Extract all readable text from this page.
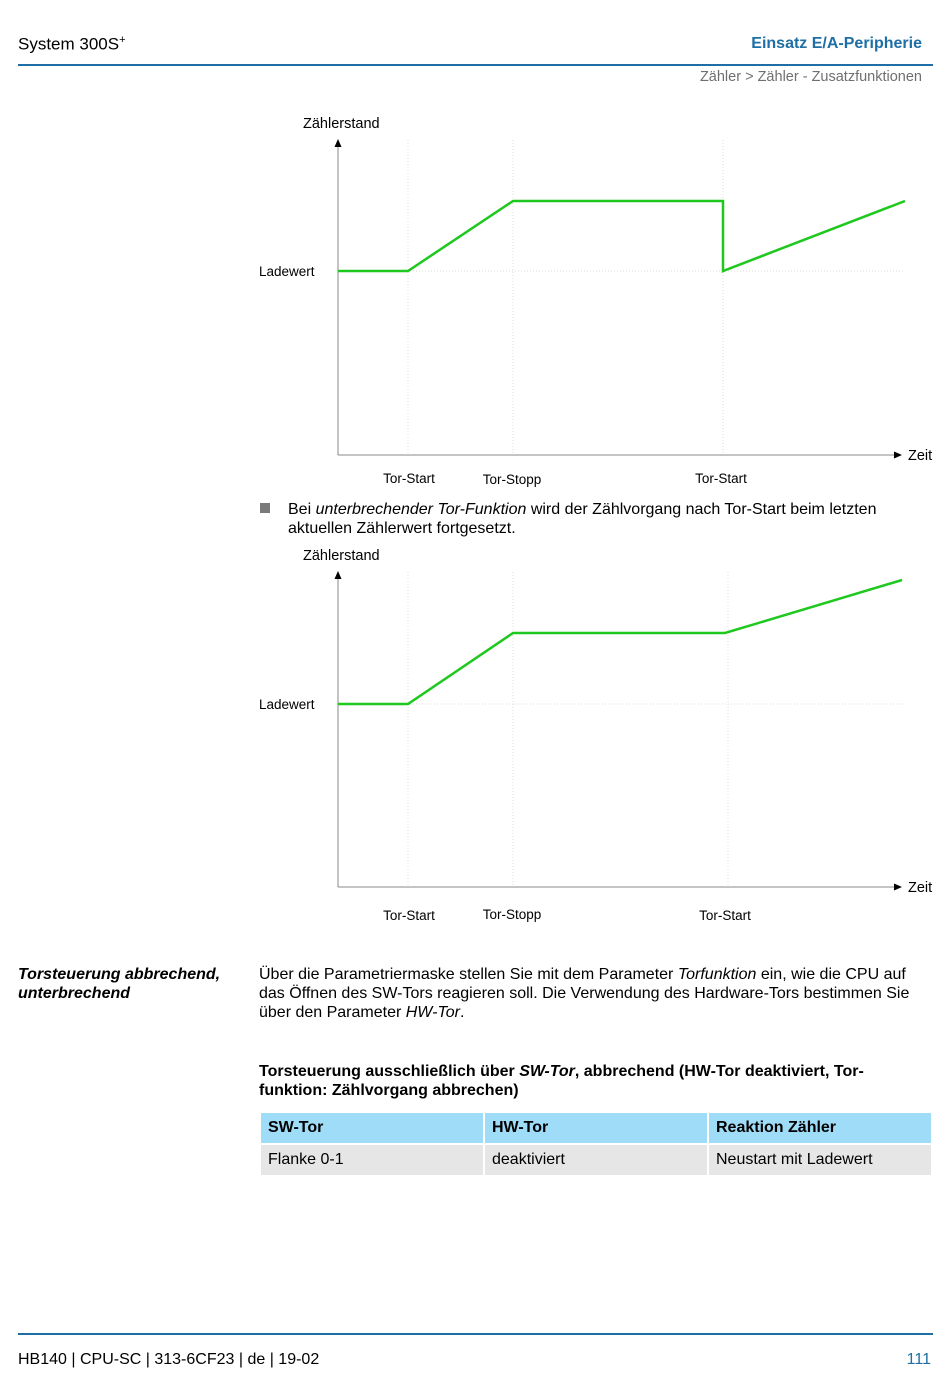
System 300S+	Einsatz E/A-Peripherie
Zähler > Zähler - Zusatzfunktionen
Zählerstand
Zeit
Ladewert
Tor-Start	Tor-Stopp	Tor-Start
Bei unterbrechender Tor-Funktion wird der Zählvorgang nach Tor-Start beim letzten aktuellen Zählerwert fortgesetzt.
Zählerstand
Zeit
Ladewert
Tor-Start	Tor-Stopp	Tor-Start
Torsteuerung abbrechend, unterbrechend
Über die Parametriermaske stellen Sie mit dem Parameter Torfunktion ein, wie die CPU auf das Öffnen des SW-Tors reagieren soll. Die Verwendung des Hardware-Tors bestimmen Sie über den Parameter HW-Tor.
Torsteuerung ausschließlich über SW-Tor, abbrechend (HW-Tor deaktiviert, Tor-funktion: Zählvorgang abbrechen)
SW-Tor	HW-Tor	Reaktion Zähler
Flanke 0-1	deaktiviert	Neustart mit Ladewert
HB140 | CPU-SC | 313-6CF23 | de | 19-02	111
